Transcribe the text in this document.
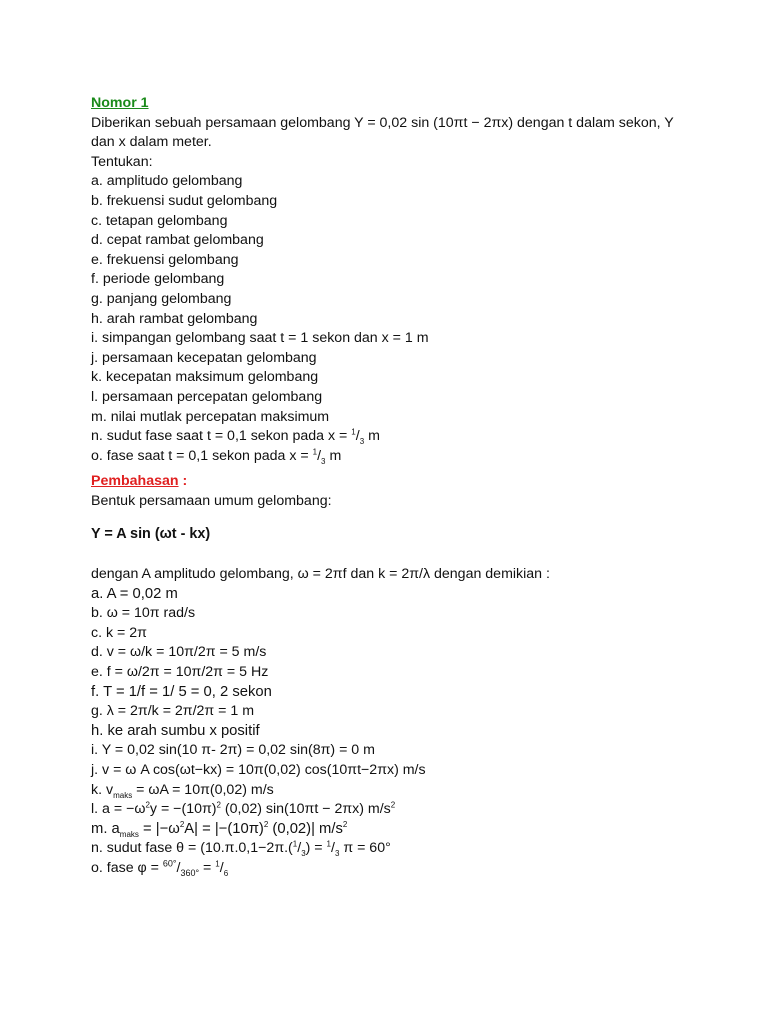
Nomor 1
Diberikan sebuah persamaan gelombang Y = 0,02 sin (10πt − 2πx) dengan t dalam sekon, Y
dan x dalam meter.
Tentukan:
a. amplitudo gelombang
b. frekuensi sudut gelombang
c. tetapan gelombang
d. cepat rambat gelombang
e. frekuensi gelombang
f. periode gelombang
g. panjang gelombang
h. arah rambat gelombang
i. simpangan gelombang saat t = 1 sekon dan x = 1 m
j. persamaan kecepatan gelombang
k. kecepatan maksimum gelombang
l. persamaan percepatan gelombang
m. nilai mutlak percepatan maksimum
n. sudut fase saat t = 0,1 sekon pada $x = ^1/_3$ m
o. fase saat t = 0,1 sekon pada $x = ^1/_3$ m
Pembahasan :
Bentuk persamaan umum gelombang:
Y = A sin (ωt - kx)
dengan A amplitudo gelombang, ω = 2πf dan k = 2π/λ dengan demikian :
a. A = 0,02 m
b. ω = 10π rad/s
c. k = 2π
d. v = ω/k = 10π/2π = 5 m/s
e. f = ω/2π = 10π/2π = 5 Hz
f. T = 1/f = 1/ 5 = 0, 2 sekon
g. λ = 2π/k = 2π/2π = 1 m
h. ke arah sumbu x positif
i. Y = 0,02 sin(10 π- 2π) = 0,02 sin(8π) = 0 m
j. v = ω A cos(ωt−kx) = 10π(0,02) cos(10πt−2πx) m/s
k. $v_{maks} = \omega A = 10\pi(0,02)$ m/s
l. $a = -\omega^2y = -(10\pi)^2$ (0,02) sin(10πt − 2πx) $m/s^2$
m. $a_{maks} = |-\omega^2A| = |-(10\pi)^2$ (0,02)| $m/s^2$
n. sudut fase $\theta = (10.\pi.0,1-2\pi.(^1/_3) = ^1/_3$ π = 60°
o. fase $\varphi = ^{60^\circ}/_{360^\circ} = ^1/_6$
